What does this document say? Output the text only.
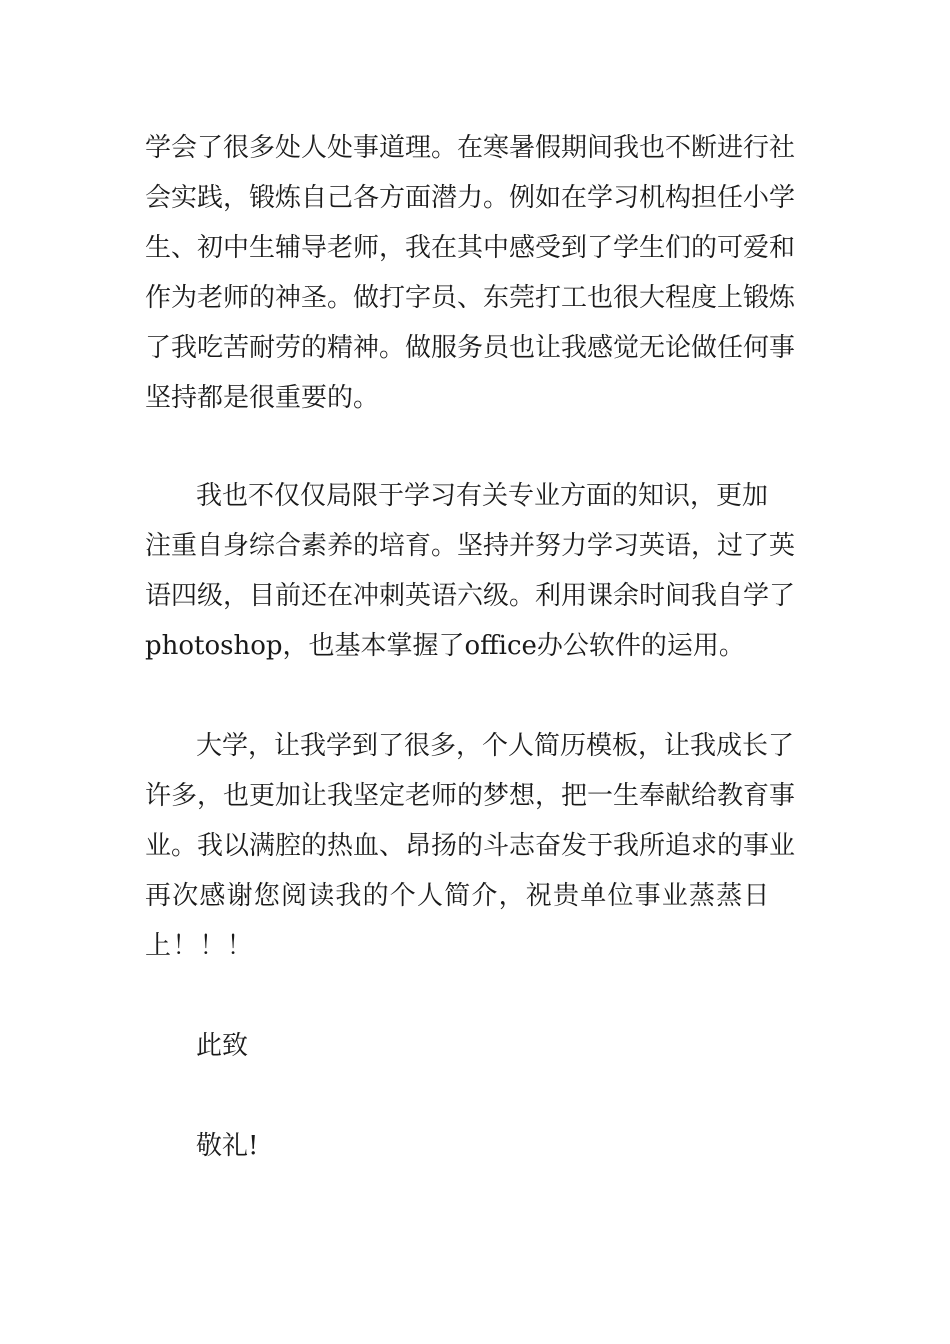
学会了很多处人处事道理。在寒暑假期间我也不断进行社
会实践，锻炼自己各方面潜力。例如在学习机构担任小学
生、初中生辅导老师，我在其中感受到了学生们的可爱和
作为老师的神圣。做打字员、东莞打工也很大程度上锻炼
了我吃苦耐劳的精神。做服务员也让我感觉无论做任何事
坚持都是很重要的。
我也不仅仅局限于学习有关专业方面的知识，更加
注重自身综合素养的培育。坚持并努力学习英语，过了英
语四级，目前还在冲刺英语六级。利用课余时间我自学了
photoshop，也基本掌握了office办公软件的运用。
大学，让我学到了很多，个人简历模板，让我成长了
许多，也更加让我坚定老师的梦想，把一生奉献给教育事
业。我以满腔的热血、昂扬的斗志奋发于我所追求的事业
再次感谢您阅读我的个人简介，祝贵单位事业蒸蒸日
上！！！
此致
敬礼!
